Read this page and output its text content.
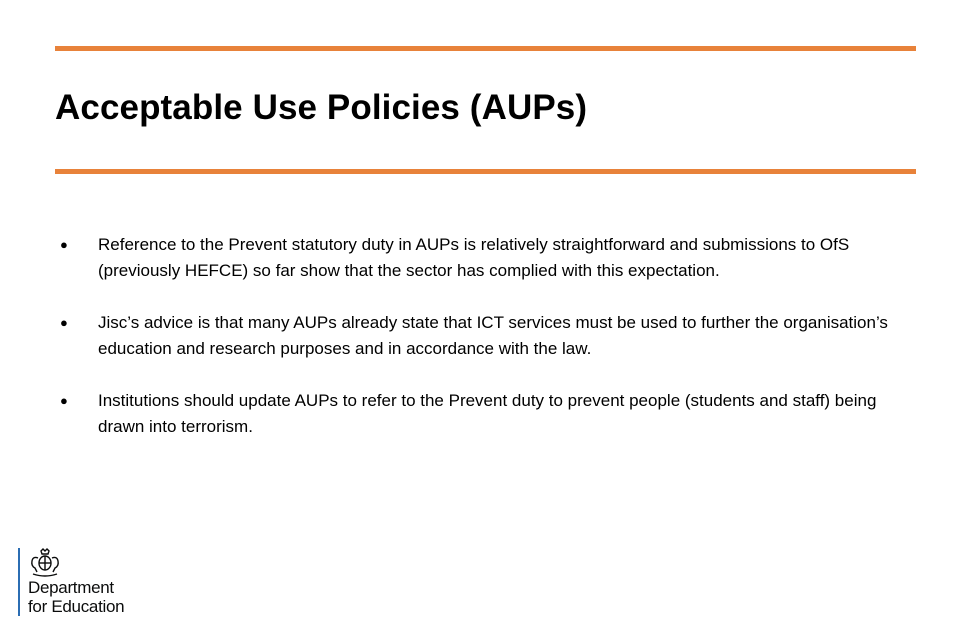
Acceptable Use Policies (AUPs)
● Reference to the Prevent statutory duty in AUPs is relatively straightforward and submissions to OfS (previously HEFCE) so far show that the sector has complied with this expectation.
● Jisc’s advice is that many AUPs already state that ICT services must be used to further the organisation’s education and research purposes and in accordance with the law.
● Institutions should update AUPs to refer to the Prevent duty to prevent people (students and staff) being drawn into terrorism.
Department
for Education
